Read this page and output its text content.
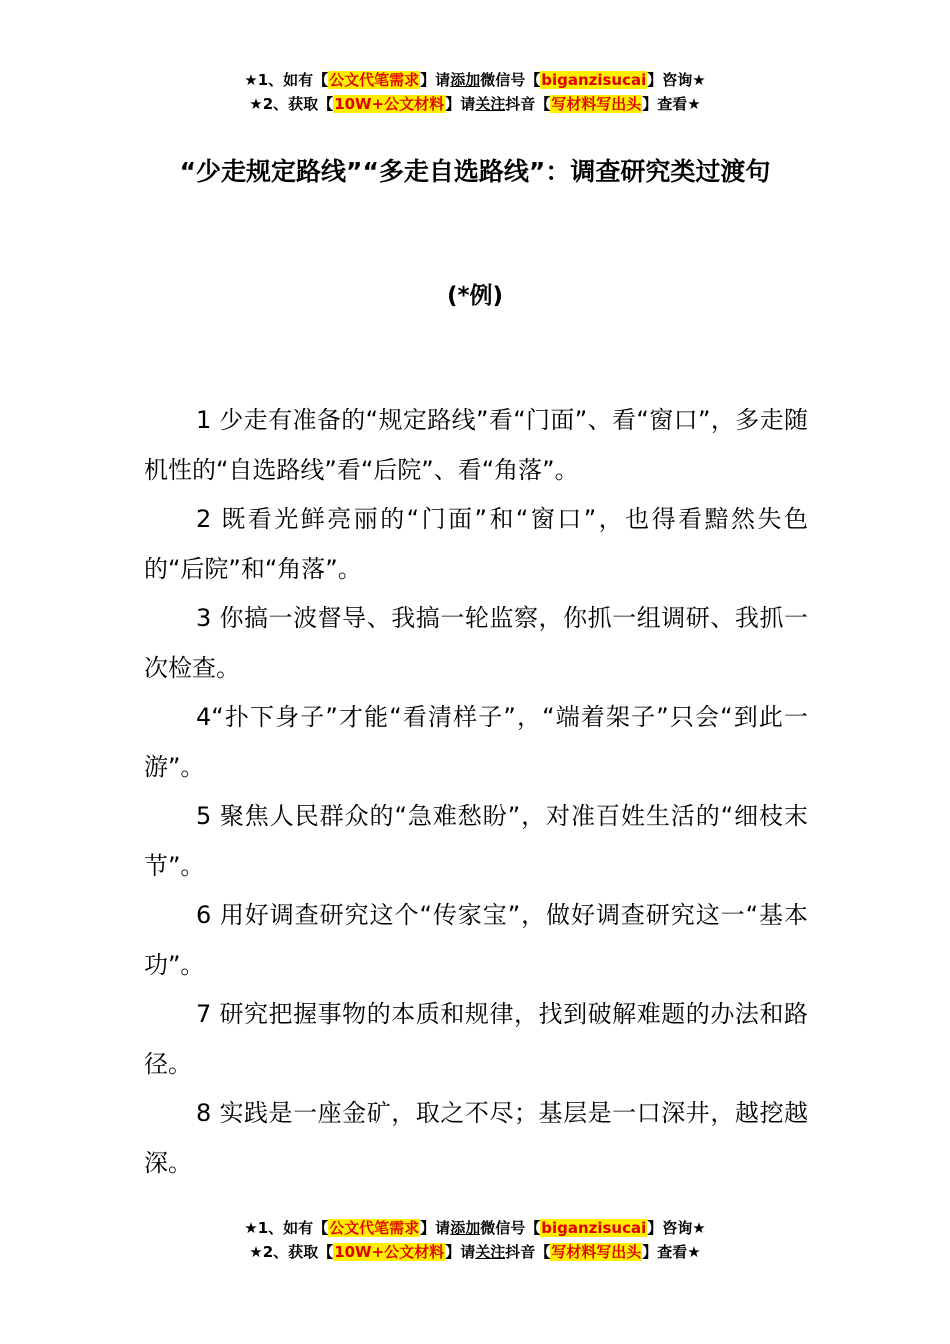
★1、如有【公文代笔需求】请添加微信号【biganzisucai】咨询★
★2、获取【10W+公文材料】请关注抖音【写材料写出头】查看★
“少走规定路线”“多走自选路线”：调查研究类过渡句
(*例)

1 少走有准备的“规定路线”看“门面”、看“窗口”，多走随机性的“自选路线”看“后院”、看“角落”。

2 既看光鲜亮丽的“门面”和“窗口”，也得看黯然失色的“后院”和“角落”。

3 你搞一波督导、我搞一轮监察，你抓一组调研、我抓一次检查。

4“扑下身子”才能“看清样子”，“端着架子”只会“到此一游”。

5 聚焦人民群众的“急难愁盼”，对准百姓生活的“细枝末节”。

6 用好调查研究这个“传家宝”，做好调查研究这一“基本功”。

7 研究把握事物的本质和规律，找到破解难题的办法和路径。

8 实践是一座金矿，取之不尽；基层是一口深井，越挖越深。

★1、如有【公文代笔需求】请添加微信号【biganzisucai】咨询★
★2、获取【10W+公文材料】请关注抖音【写材料写出头】查看★
